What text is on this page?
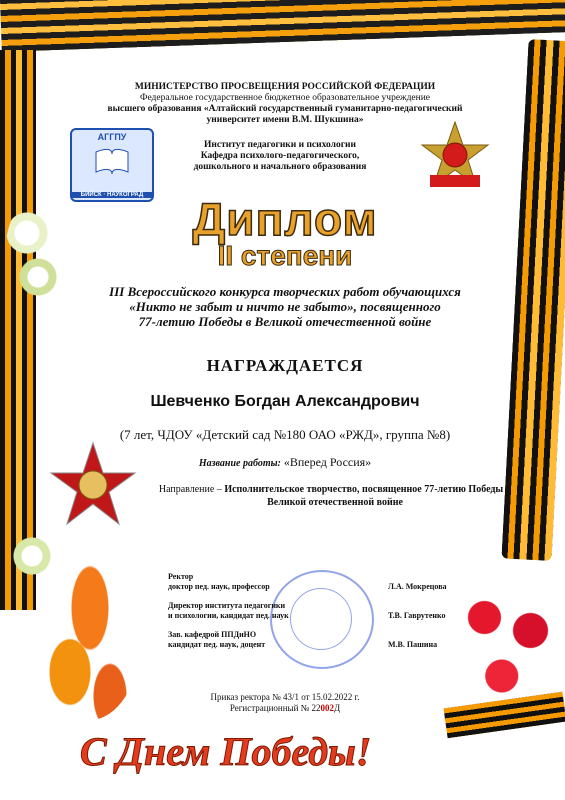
АГГПУ
БИЙСК · НАУКОГРАД
МИНИСТЕРСТВО ПРОСВЕЩЕНИЯ РОССИЙСКОЙ ФЕДЕРАЦИИ
Федеральное государственное бюджетное образовательное учреждение
высшего образования «Алтайский государственный гуманитарно-педагогический
университет имени В.М. Шукшина»
Институт педагогики и психологии
Кафедра психолого-педагогического,
дошкольного и начального образования
Диплом
II степени
III Всероссийского конкурса творческих работ обучающихся
«Никто не забыт и ничто не забыто», посвященного
77-летию Победы в Великой отечественной войне
НАГРАЖДАЕТСЯ
Шевченко Богдан Александрович
(7 лет, ЧДОУ «Детский сад №180 ОАО «РЖД», группа №8)
Название работы: «Вперед Россия»
Направление – Исполнительское творчество, посвященное 77-летию Победы в Великой отечественной войне
Ректор
доктор пед. наук, профессор	Л.А. Мокрецова
Директор института педагогики
и психологии, кандидат пед. наук	Т.В. Гаврутенко
Зав. кафедрой ППДиНО
кандидат пед. наук, доцент	М.В. Пашина
Приказ ректора № 43/1 от 15.02.2022 г.
Регистрационный № 22002Д
С Днем Победы!
